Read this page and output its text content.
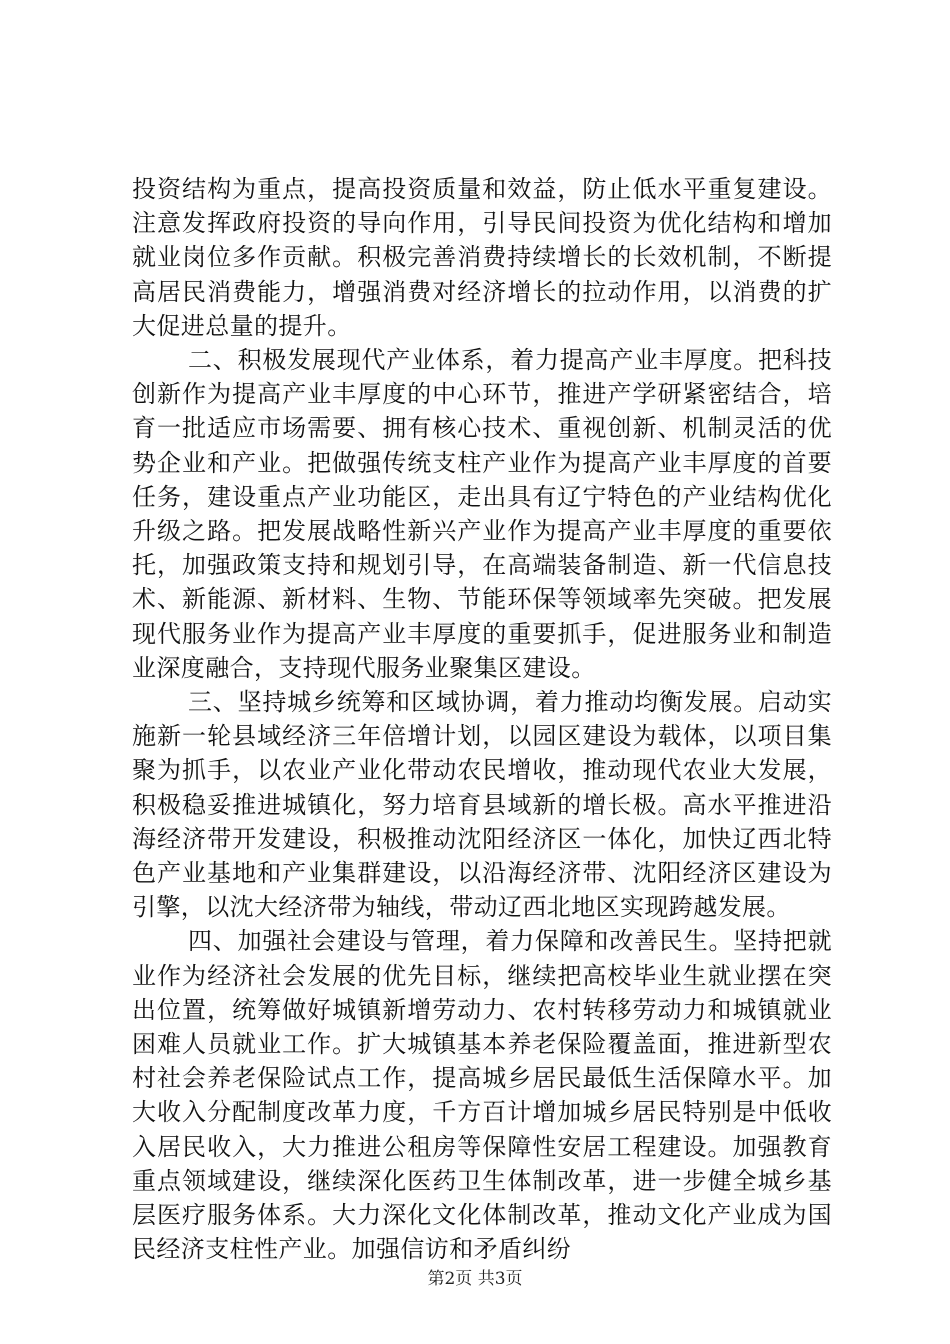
投资结构为重点，提高投资质量和效益，防止低水平重复建设。注意发挥政府投资的导向作用，引导民间投资为优化结构和增加就业岗位多作贡献。积极完善消费持续增长的长效机制，不断提高居民消费能力，增强消费对经济增长的拉动作用，以消费的扩大促进总量的提升。

二、积极发展现代产业体系，着力提高产业丰厚度。把科技创新作为提高产业丰厚度的中心环节，推进产学研紧密结合，培育一批适应市场需要、拥有核心技术、重视创新、机制灵活的优势企业和产业。把做强传统支柱产业作为提高产业丰厚度的首要任务，建设重点产业功能区，走出具有辽宁特色的产业结构优化升级之路。把发展战略性新兴产业作为提高产业丰厚度的重要依托，加强政策支持和规划引导，在高端装备制造、新一代信息技术、新能源、新材料、生物、节能环保等领域率先突破。把发展现代服务业作为提高产业丰厚度的重要抓手，促进服务业和制造业深度融合，支持现代服务业聚集区建设。

三、坚持城乡统筹和区域协调，着力推动均衡发展。启动实施新一轮县域经济三年倍增计划，以园区建设为载体，以项目集聚为抓手，以农业产业化带动农民增收，推动现代农业大发展，积极稳妥推进城镇化，努力培育县域新的增长极。高水平推进沿海经济带开发建设，积极推动沈阳经济区一体化，加快辽西北特色产业基地和产业集群建设，以沿海经济带、沈阳经济区建设为引擎，以沈大经济带为轴线，带动辽西北地区实现跨越发展。

四、加强社会建设与管理，着力保障和改善民生。坚持把就业作为经济社会发展的优先目标，继续把高校毕业生就业摆在突出位置，统筹做好城镇新增劳动力、农村转移劳动力和城镇就业困难人员就业工作。扩大城镇基本养老保险覆盖面，推进新型农村社会养老保险试点工作，提高城乡居民最低生活保障水平。加大收入分配制度改革力度，千方百计增加城乡居民特别是中低收入居民收入，大力推进公租房等保障性安居工程建设。加强教育重点领域建设，继续深化医药卫生体制改革，进一步健全城乡基层医疗服务体系。大力深化文化体制改革，推动文化产业成为国民经济支柱性产业。加强信访和矛盾纠纷

第2页 共3页
